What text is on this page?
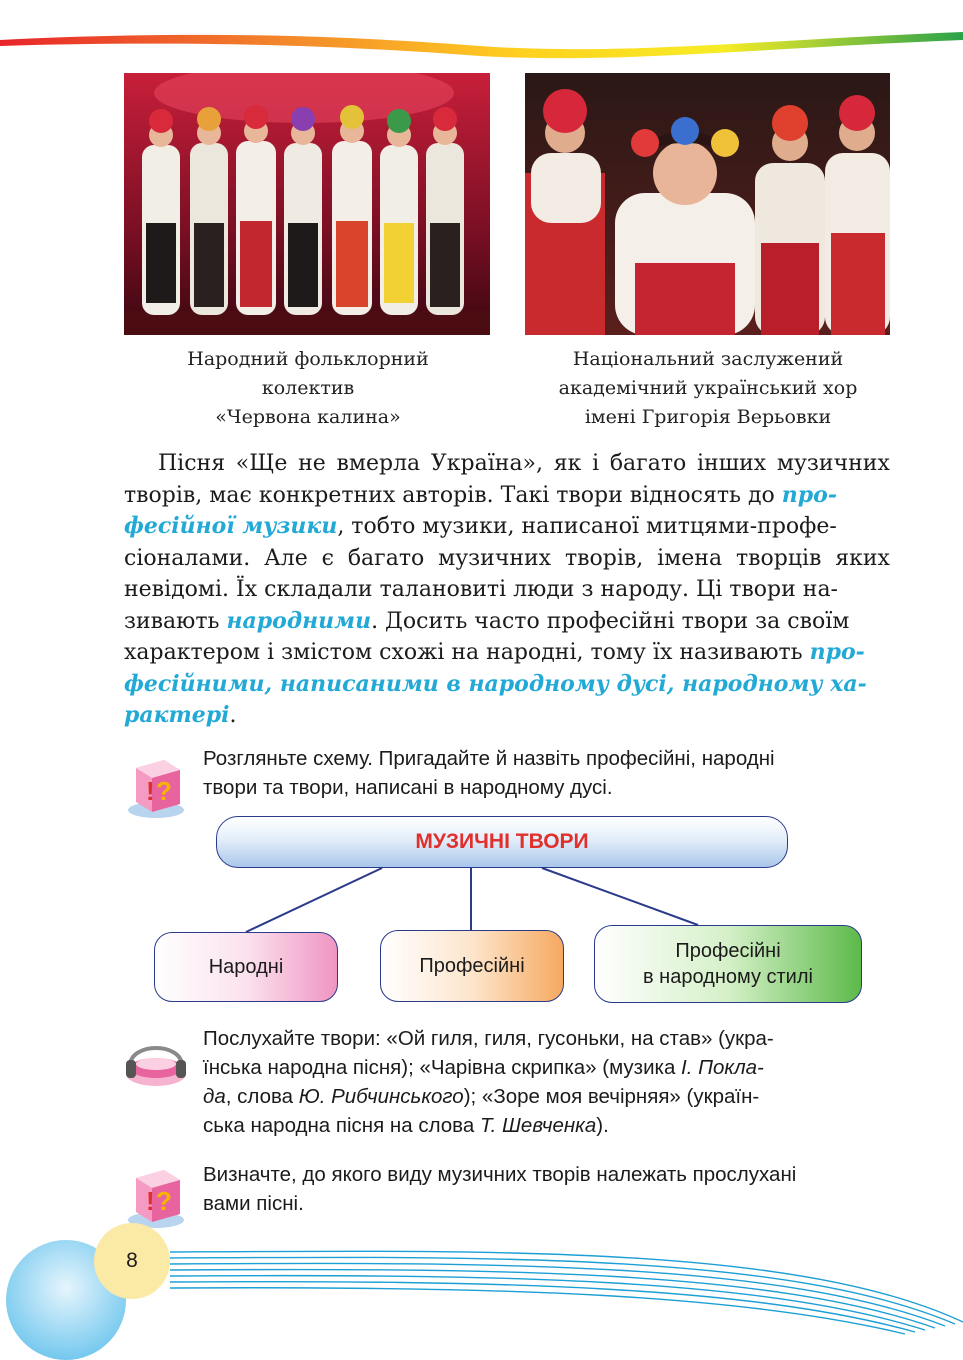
Народний фольклорний
колектив
«Червона калина»
Національний заслужений
академічний український хор
імені Григорія Верьовки
Пісня «Ще не вмерла Україна», як і багато інших музичних
творів, має конкретних авторів. Такі твори відносять до про-
фесійної музики, тобто музики, написаної митцями-профе-
сіоналами. Але є багато музичних творів, імена творців яких
невідомі. Їх складали талановиті люди з народу. Ці твори на-
зивають народними. Досить часто професійні твори за своїм
характером і змістом схожі на народні, тому їх називають про-
фесійними, написаними в народному дусі, народному ха-
рактері.
! ?
Розгляньте схему. Пригадайте й назвіть професійні, народні
твори та твори, написані в народному дусі.
МУЗИЧНІ ТВОРИ
Народні	Професійні
Професійні
в народному стилі
Послухайте твори: «Ой гиля, гиля, гусоньки, на став» (укра-
їнська народна пісня); «Чарівна скрипка» (музика І. Поклa-
да, слова Ю. Рибчинського); «Зоре моя вечірняя» (україн-
ська народна пісня на слова Т. Шевченка).
! ?
Визначте, до якого виду музичних творів належать прослухані
вами пісні.
8
